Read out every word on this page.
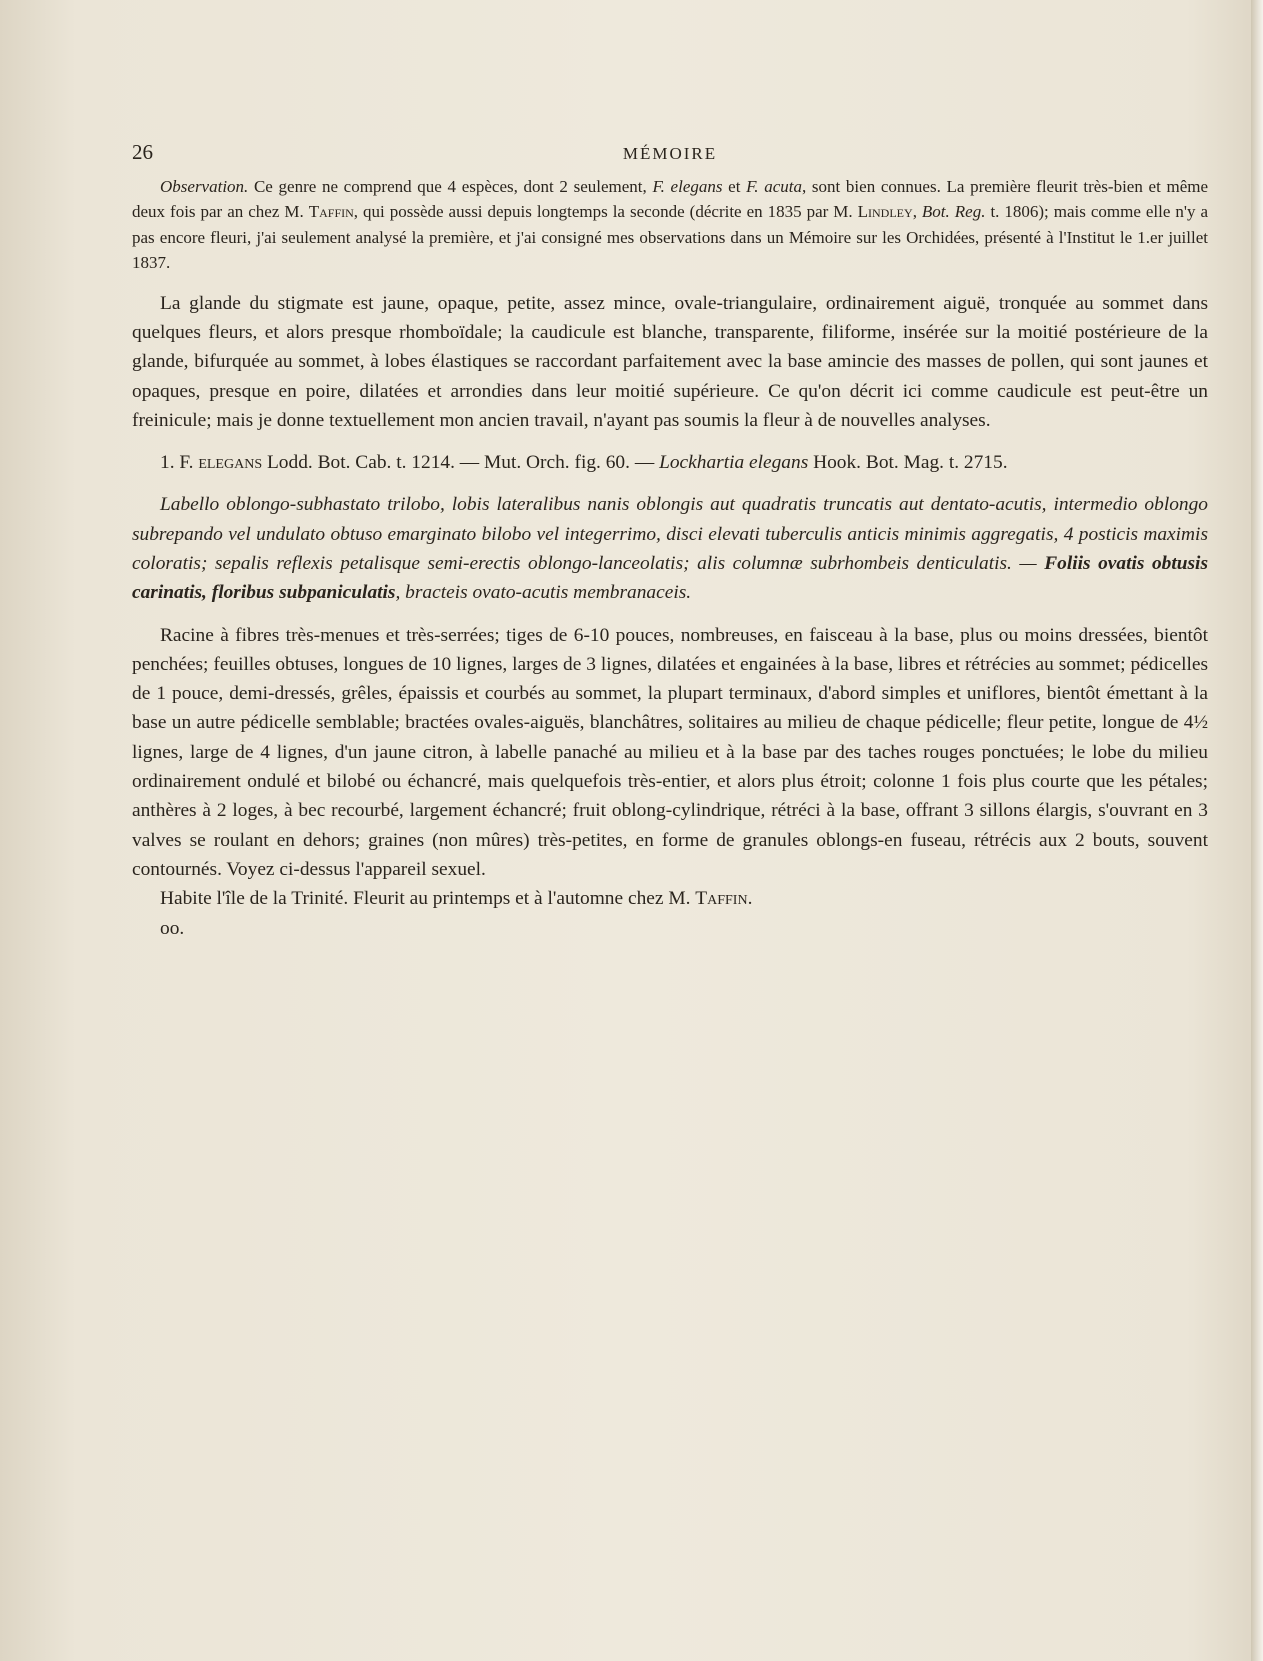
26	MÉMOIRE

Observation. Ce genre ne comprend que 4 espèces, dont 2 seulement, F. elegans et F. acuta, sont bien connues. La première fleurit très-bien et même deux fois par an chez M. Taffin, qui possède aussi depuis longtemps la seconde (décrite en 1835 par M. Lindley, Bot. Reg. t. 1806); mais comme elle n'y a pas encore fleuri, j'ai seulement analysé la première, et j'ai consigné mes observations dans un Mémoire sur les Orchidées, présenté à l'Institut le 1.er juillet 1837.

La glande du stigmate est jaune, opaque, petite, assez mince, ovale-triangulaire, ordinairement aiguë, tronquée au sommet dans quelques fleurs, et alors presque rhomboïdale; la caudicule est blanche, transparente, filiforme, insérée sur la moitié postérieure de la glande, bifurquée au sommet, à lobes élastiques se raccordant parfaitement avec la base amincie des masses de pollen, qui sont jaunes et opaques, presque en poire, dilatées et arrondies dans leur moitié supérieure. Ce qu'on décrit ici comme caudicule est peut-être un freinicule; mais je donne textuellement mon ancien travail, n'ayant pas soumis la fleur à de nouvelles analyses.

1. F. elegans Lodd. Bot. Cab. t. 1214. — Mut. Orch. fig. 60. — Lockhartia elegans Hook. Bot. Mag. t. 2715.

Labello oblongo-subhastato trilobo, lobis lateralibus nanis oblongis aut quadratis truncatis aut dentato-acutis, intermedio oblongo subrepando vel undulato obtuso emarginato bilobo vel integerrimo, disci elevati tuberculis anticis minimis aggregatis, 4 posticis maximis coloratis; sepalis reflexis petalisque semi-erectis oblongo-lanceolatis; alis columnæ subrhombeis denticulatis. — Foliis ovatis obtusis carinatis, floribus subpaniculatis, bracteis ovato-acutis membranaceis.

Racine à fibres très-menues et très-serrées; tiges de 6-10 pouces, nombreuses, en faisceau à la base, plus ou moins dressées, bientôt penchées; feuilles obtuses, longues de 10 lignes, larges de 3 lignes, dilatées et engainées à la base, libres et rétrécies au sommet; pédicelles de 1 pouce, demi-dressés, grêles, épaissis et courbés au sommet, la plupart terminaux, d'abord simples et uniflores, bientôt émettant à la base un autre pédicelle semblable; bractées ovales-aiguës, blanchâtres, solitaires au milieu de chaque pédicelle; fleur petite, longue de 4½ lignes, large de 4 lignes, d'un jaune citron, à labelle panaché au milieu et à la base par des taches rouges ponctuées; le lobe du milieu ordinairement ondulé et bilobé ou échancré, mais quelquefois très-entier, et alors plus étroit; colonne 1 fois plus courte que les pétales; anthères à 2 loges, à bec recourbé, largement échancré; fruit oblong-cylindrique, rétréci à la base, offrant 3 sillons élargis, s'ouvrant en 3 valves se roulant en dehors; graines (non mûres) très-petites, en forme de granules oblongs-en fuseau, rétrécis aux 2 bouts, souvent contournés. Voyez ci-dessus l'appareil sexuel.

Habite l'île de la Trinité. Fleurit au printemps et à l'automne chez M. Taffin.

oo.
